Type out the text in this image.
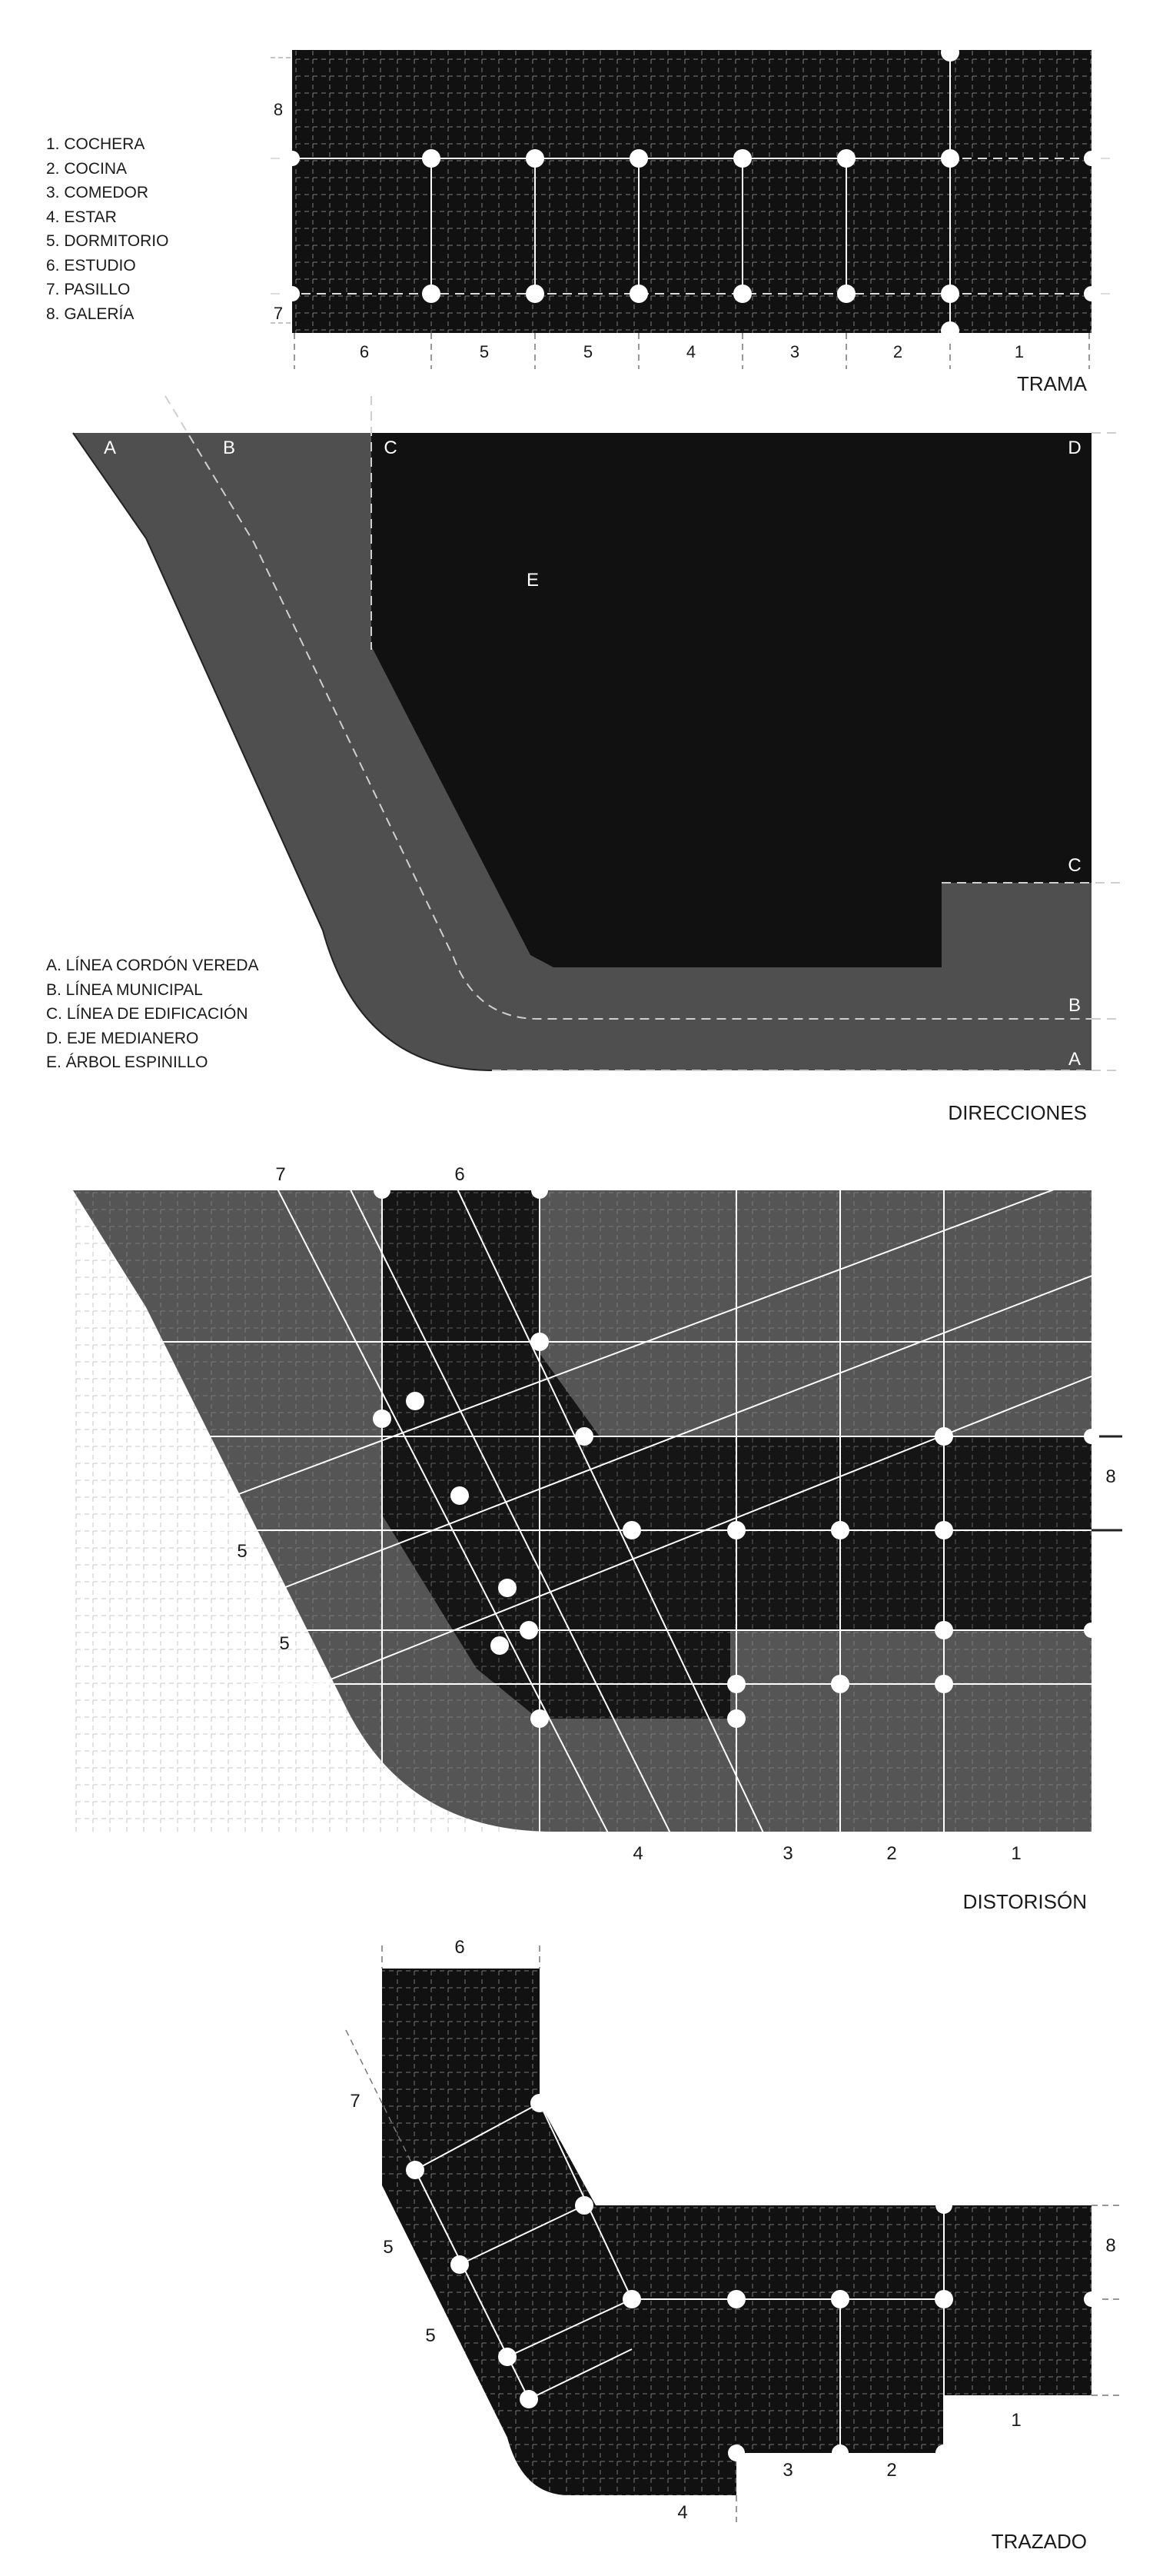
1. COCHERA
2. COCINA
3. COMEDOR
4. ESTAR
5. DORMITORIO
6. ESTUDIO
7. PASILLO
8. GALERÍA
TRAMA
8
7
6	5	5	4	3	2	1
A	B	C	D
E
C
B
A
A. LÍNEA CORDÓN VEREDA
B. LÍNEA MUNICIPAL
C. LÍNEA DE EDIFICACIÓN
D. EJE MEDIANERO
E. ÁRBOL ESPINILLO
DIRECCIONES
7	6
5
5
8
4	3	2	1
DISTORISÓN
6
7
5
5
8
4
3	2
1
TRAZADO
